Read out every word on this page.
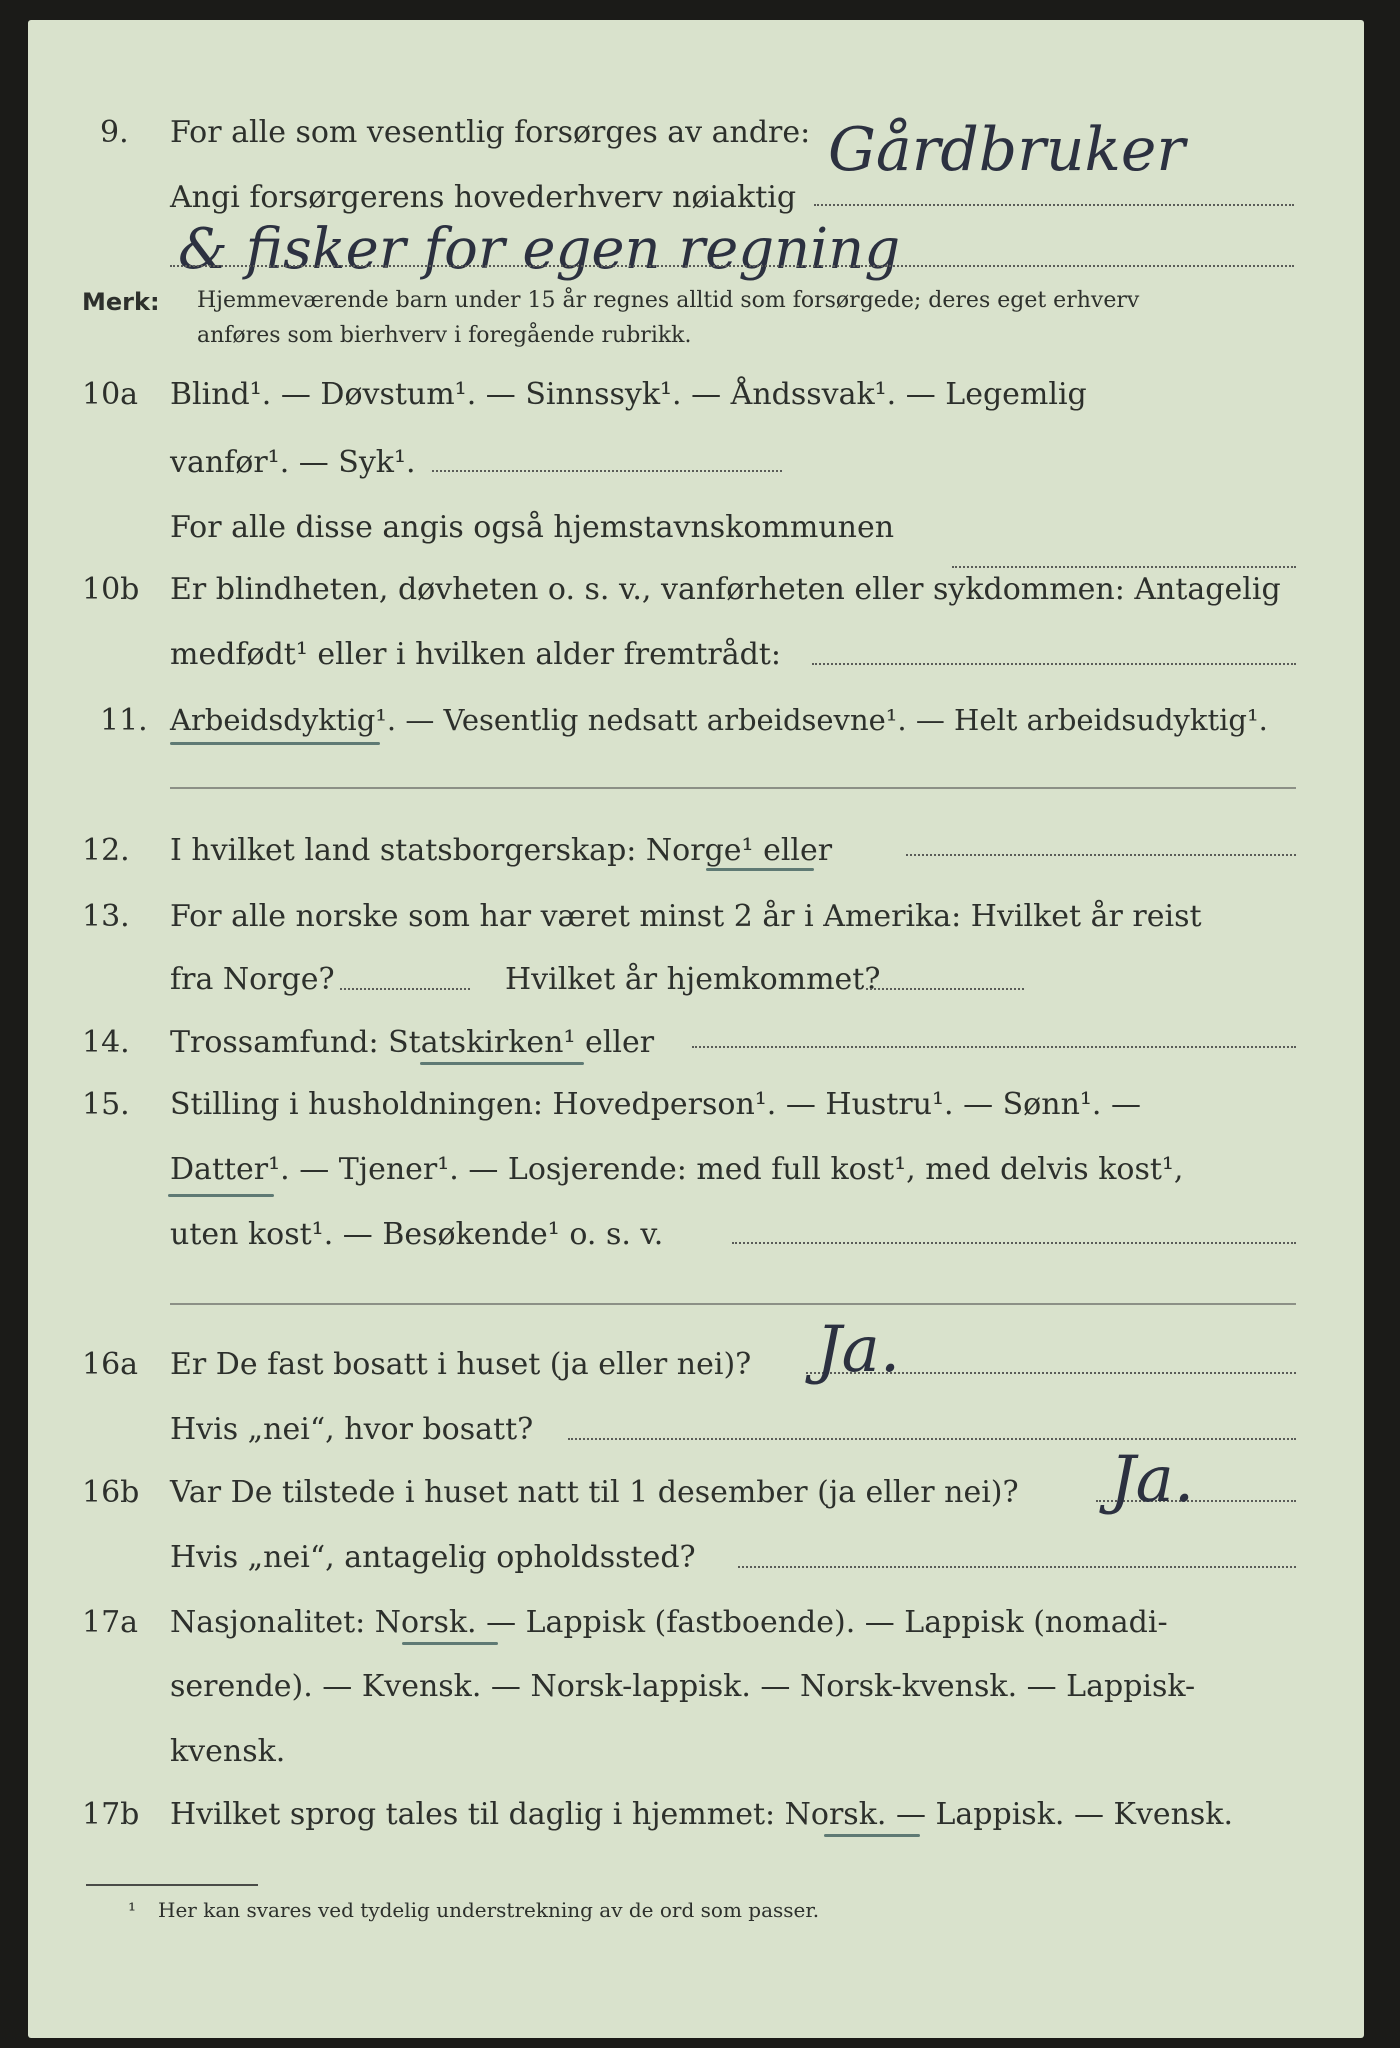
9. For alle som vesentlig forsørges av andre: Gårdbruker
Angi forsørgerens hovederhverv nøiaktig
& fisker for egen regning
Merk: Hjemmeværende barn under 15 år regnes alltid som forsørgede; deres eget erhverv
anføres som bierhverv i foregående rubrikk.
10a Blind¹. — Døvstum¹. — Sinnssyk¹. — Åndssvak¹. — Legemlig
vanfør¹. — Syk¹.
For alle disse angis også hjemstavnskommunen
10b Er blindheten, døvheten o. s. v., vanførheten eller sykdommen: Antagelig
medfødt¹ eller i hvilken alder fremtrådt:
11. Arbeidsdyktig¹. — Vesentlig nedsatt arbeidsevne¹. — Helt arbeidsudyktig¹.
12. I hvilket land statsborgerskap: Norge¹ eller
13. For alle norske som har været minst 2 år i Amerika: Hvilket år reist
fra Norge?	Hvilket år hjemkommet?
14. Trossamfund: Statskirken¹ eller
15. Stilling i husholdningen: Hovedperson¹. — Hustru¹. — Sønn¹. —
Datter¹. — Tjener¹. — Losjerende: med full kost¹, med delvis kost¹,
uten kost¹. — Besøkende¹ o. s. v.
16a Er De fast bosatt i huset (ja eller nei)? Ja.
Hvis „nei“, hvor bosatt?
16b Var De tilstede i huset natt til 1 desember (ja eller nei)? Ja.
Hvis „nei“, antagelig opholdssted?
17a Nasjonalitet: Norsk. — Lappisk (fastboende). — Lappisk (nomadi-
serende). — Kvensk. — Norsk-lappisk. — Norsk-kvensk. — Lappisk-
kvensk.
17b Hvilket sprog tales til daglig i hjemmet: Norsk. — Lappisk. — Kvensk.
¹ Her kan svares ved tydelig understrekning av de ord som passer.
